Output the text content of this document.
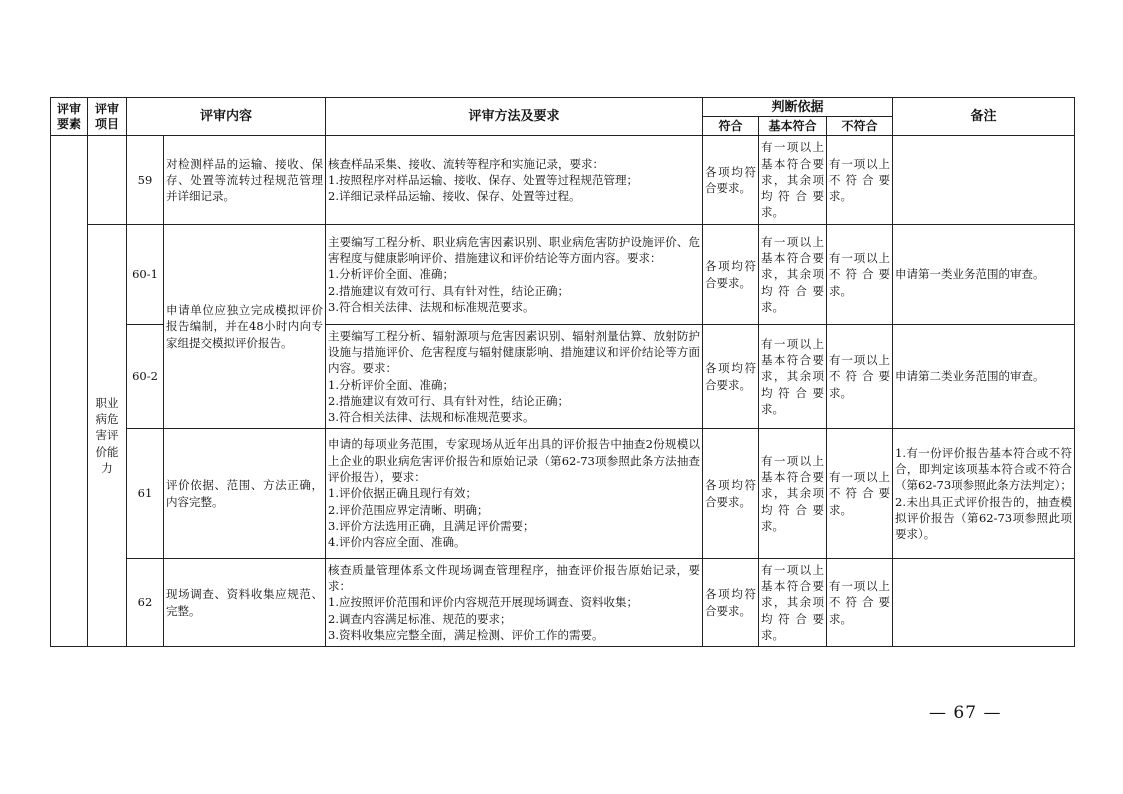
评审要素	评审项目	评审内容		评审方法及要求	判断依据			备注
					符合	基本符合	不符合	
		59	对检测样品的运输、接收、保存、处置等流转过程规范管理并详细记录。	核查样品采集、接收、流转等程序和实施记录，要求：
1.按照程序对样品运输、接收、保存、处置等过程规范管理；
2.详细记录样品运输、接收、保存、处置等过程。	各项均符合要求。	有一项以上基本符合要求，其余项均符合要求。	有一项以上不符合要求。	
	职业病危害评价能力	60-1	申请单位应独立完成模拟评价报告编制，并在48小时内向专家组提交模拟评价报告。	主要编写工程分析、职业病危害因素识别、职业病危害防护设施评价、危害程度与健康影响评价、措施建议和评价结论等方面内容。要求：
1.分析评价全面、准确；
2.措施建议有效可行、具有针对性，结论正确；
3.符合相关法律、法规和标准规范要求。	各项均符合要求。	有一项以上基本符合要求，其余项均符合要求。	有一项以上不符合要求。	申请第一类业务范围的审查。
		60-2		主要编写工程分析、辐射源项与危害因素识别、辐射剂量估算、放射防护设施与措施评价、危害程度与辐射健康影响、措施建议和评价结论等方面内容。要求：
1.分析评价全面、准确；
2.措施建议有效可行、具有针对性，结论正确；
3.符合相关法律、法规和标准规范要求。	各项均符合要求。	有一项以上基本符合要求，其余项均符合要求。	有一项以上不符合要求。	申请第二类业务范围的审查。
		61	评价依据、范围、方法正确，内容完整。	申请的每项业务范围，专家现场从近年出具的评价报告中抽查2份规模以上企业的职业病危害评价报告和原始记录（第62-73项参照此条方法抽查评价报告），要求：
1.评价依据正确且现行有效；
2.评价范围应界定清晰、明确；
3.评价方法选用正确，且满足评价需要；
4.评价内容应全面、准确。	各项均符合要求。	有一项以上基本符合要求，其余项均符合要求。	有一项以上不符合要求。	1.有一份评价报告基本符合或不符合，即判定该项基本符合或不符合（第62-73项参照此条方法判定）；
2.未出具正式评价报告的，抽查模拟评价报告（第62-73项参照此项要求）。
		62	现场调查、资料收集应规范、完整。	核查质量管理体系文件现场调查管理程序，抽查评价报告原始记录，要求：
1.应按照评价范围和评价内容规范开展现场调查、资料收集；
2.调查内容满足标准、规范的要求；
3.资料收集应完整全面，满足检测、评价工作的需要。	各项均符合要求。	有一项以上基本符合要求，其余项均符合要求。	有一项以上不符合要求。	
— 67 —
